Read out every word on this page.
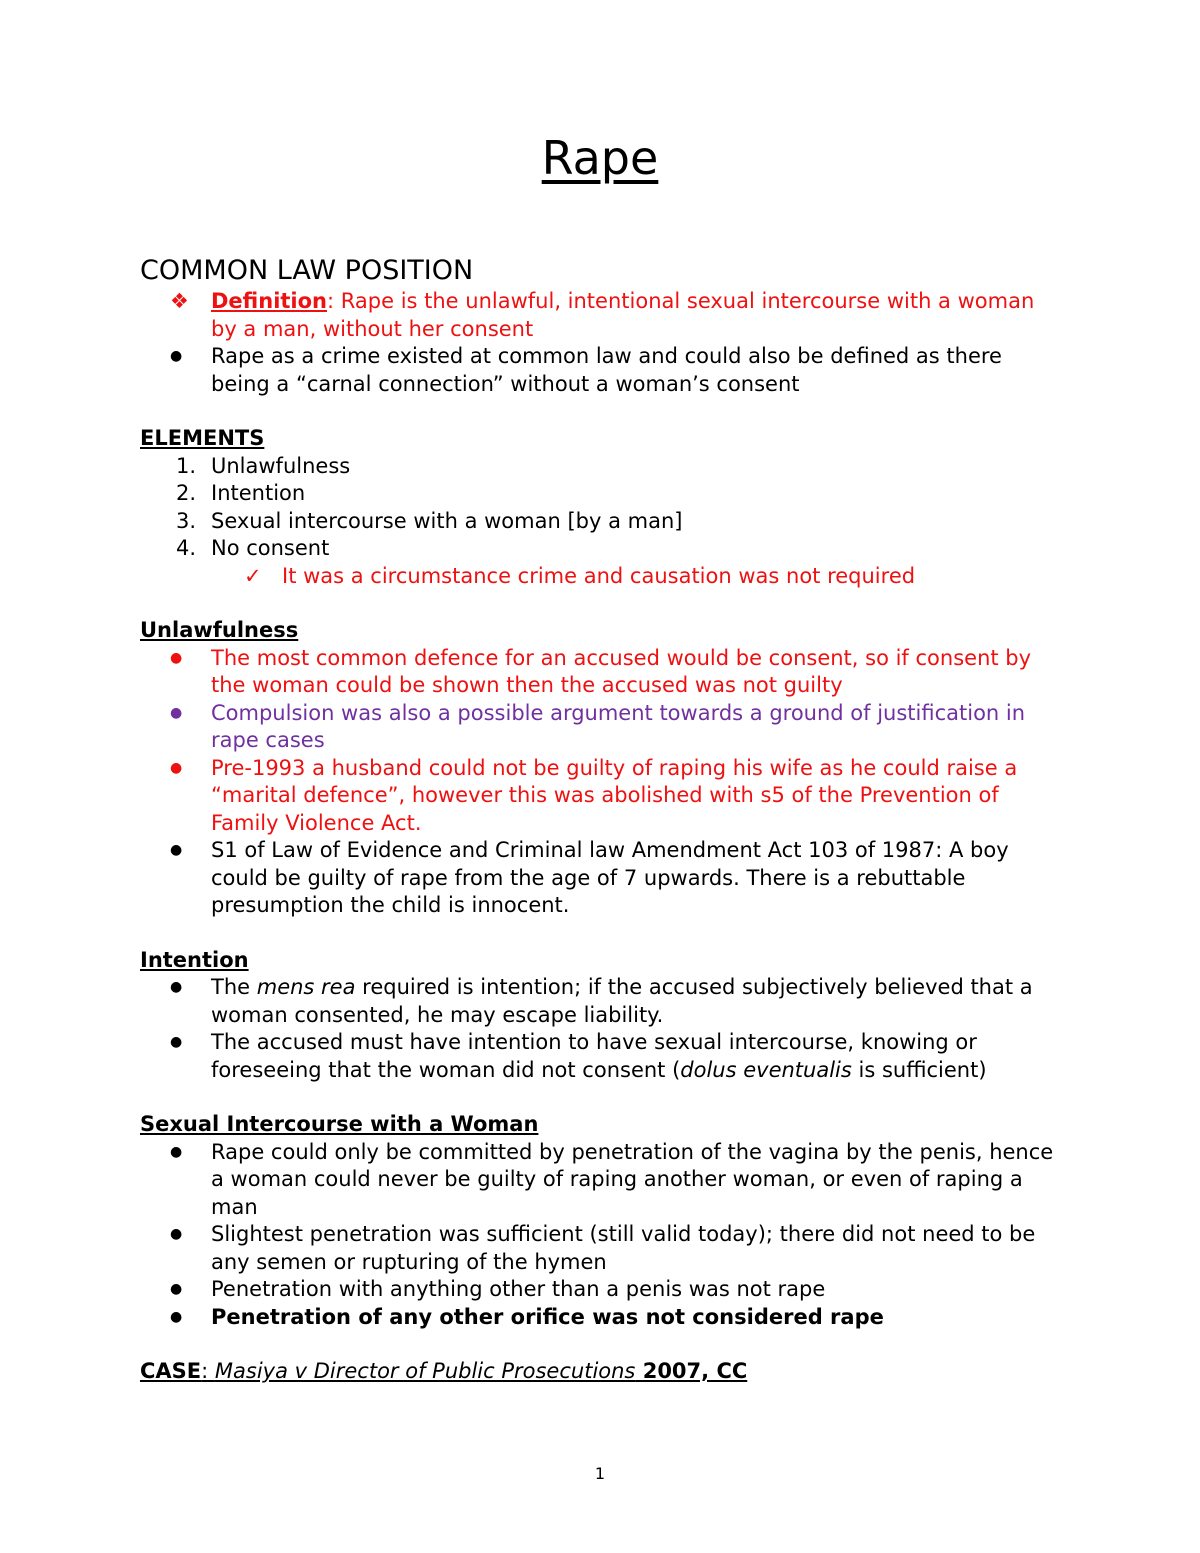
Rape

COMMON LAW POSITION

❖	Definition: Rape is the unlawful, intentional sexual intercourse with a woman by a man, without her consent
●	Rape as a crime existed at common law and could also be defined as there being a “carnal connection” without a woman’s consent

ELEMENTS

1. Unlawfulness
2. Intention
3. Sexual intercourse with a woman [by a man]
4. No consent
✓ It was a circumstance crime and causation was not required

Unlawfulness

●	The most common defence for an accused would be consent, so if consent by the woman could be shown then the accused was not guilty
●	Compulsion was also a possible argument towards a ground of justification in rape cases
●	Pre-1993 a husband could not be guilty of raping his wife as he could raise a “marital defence”, however this was abolished with s5 of the Prevention of Family Violence Act.
●	S1 of Law of Evidence and Criminal law Amendment Act 103 of 1987: A boy could be guilty of rape from the age of 7 upwards. There is a rebuttable presumption the child is innocent.

Intention

●	The mens rea required is intention; if the accused subjectively believed that a woman consented, he may escape liability.
●	The accused must have intention to have sexual intercourse, knowing or foreseeing that the woman did not consent (dolus eventualis is sufficient)

Sexual Intercourse with a Woman

●	Rape could only be committed by penetration of the vagina by the penis, hence a woman could never be guilty of raping another woman, or even of raping a man
●	Slightest penetration was sufficient (still valid today); there did not need to be any semen or rupturing of the hymen
●	Penetration with anything other than a penis was not rape
●	Penetration of any other orifice was not considered rape

CASE: Masiya v Director of Public Prosecutions 2007, CC

1
